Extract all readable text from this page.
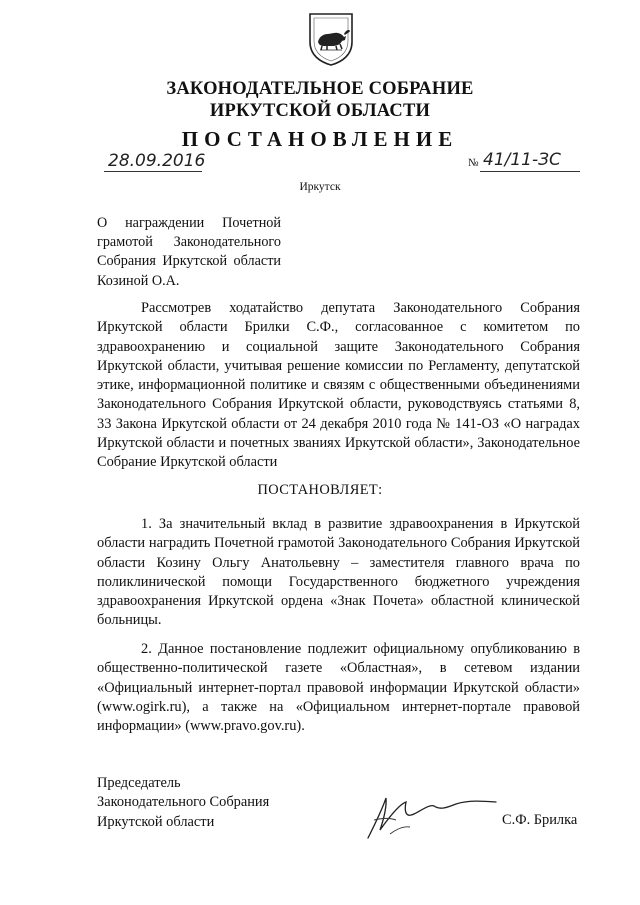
ЗАКОНОДАТЕЛЬНОЕ СОБРАНИЕ
ИРКУТСКОЙ ОБЛАСТИ
ПОСТАНОВЛЕНИЕ
28.09.2016	№ 41/11-ЗС
Иркутск
О награждении Почетной грамотой Законодательного Собрания Иркутской области Козиной О.А.
Рассмотрев ходатайство депутата Законодательного Собрания Иркутской области Брилки С.Ф., согласованное с комитетом по здравоохранению и социальной защите Законодательного Собрания Иркутской области, учитывая решение комиссии по Регламенту, депутатской этике, информационной политике и связям с общественными объединениями Законодательного Собрания Иркутской области, руководствуясь статьями 8, 33 Закона Иркутской области от 24 декабря 2010 года № 141-ОЗ «О наградах Иркутской области и почетных званиях Иркутской области», Законодательное Собрание Иркутской области
ПОСТАНОВЛЯЕТ:
1. За значительный вклад в развитие здравоохранения в Иркутской области наградить Почетной грамотой Законодательного Собрания Иркутской области Козину Ольгу Анатольевну – заместителя главного врача по поликлинической помощи Государственного бюджетного учреждения здравоохранения Иркутской ордена «Знак Почета» областной клинической больницы.
2. Данное постановление подлежит официальному опубликованию в общественно-политической газете «Областная», в сетевом издании «Официальный интернет-портал правовой информации Иркутской области» (www.ogirk.ru), а также на «Официальном интернет-портале правовой информации» (www.pravo.gov.ru).
Председатель
Законодательного Собрания
Иркутской области	С.Ф. Брилка
